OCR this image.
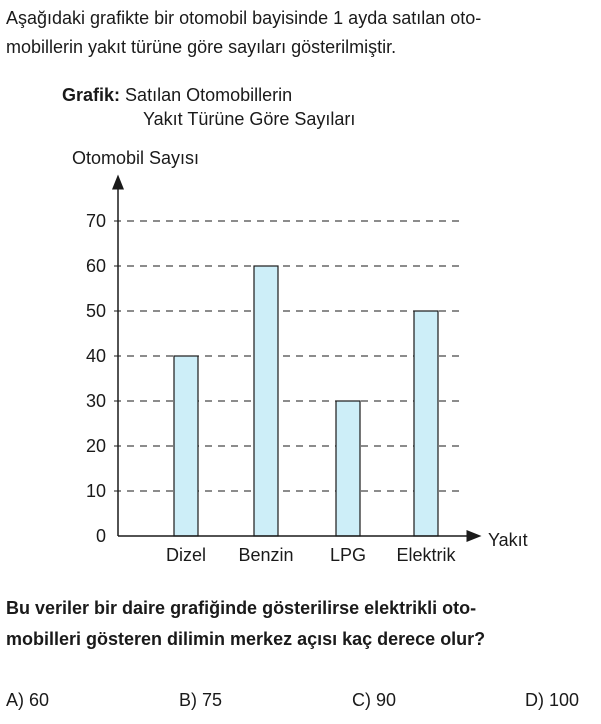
Aşağıdaki grafikte bir otomobil bayisinde 1 ayda satılan oto-
mobillerin yakıt türüne göre sayıları gösterilmiştir.
Grafik: Satılan Otomobillerin
Yakıt Türüne Göre Sayıları
Otomobil Sayısı
Yakıt
0
10
20
30
40
50
60
70
Dizel Benzin LPG Elektrik
Bu veriler bir daire grafiğinde gösterilirse elektrikli oto-
mobilleri gösteren dilimin merkez açısı kaç derece olur?
A) 60	B) 75	C) 90	D) 100
